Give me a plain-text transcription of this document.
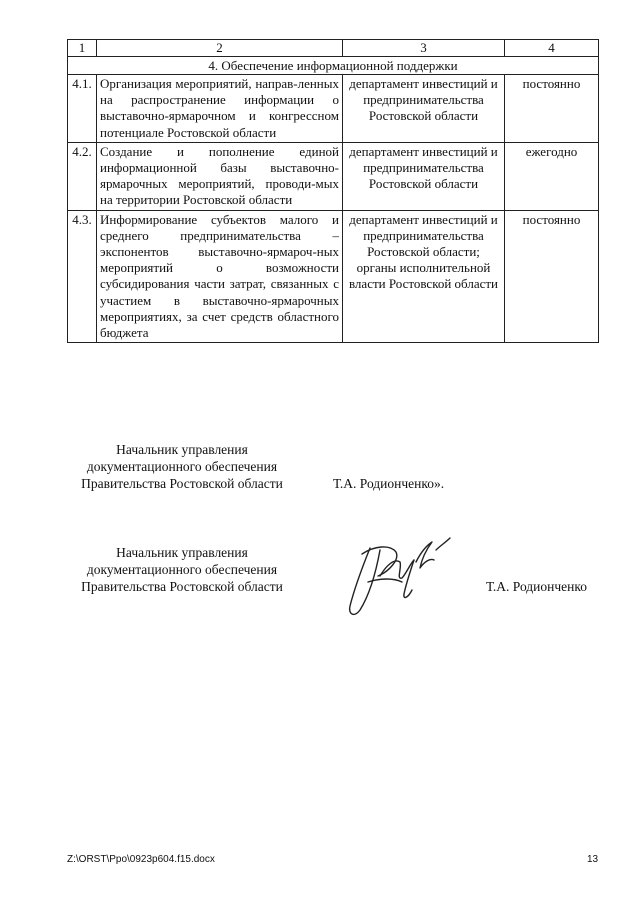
1	2	3	4
4. Обеспечение информационной поддержки			
4.1.	Организация мероприятий, направ-ленных на распространение информации о выставочно-ярмарочном и конгрессном потенциале Ростовской области	департамент инвестиций и предпринимательства Ростовской области	постоянно
4.2.	Создание и пополнение единой информационной базы выставочно-ярмарочных мероприятий, проводи-мых на территории Ростовской области	департамент инвестиций и предпринимательства Ростовской области	ежегодно
4.3.	Информирование субъектов малого и среднего предпринимательства – экспонентов выставочно-ярмароч-ных мероприятий о возможности субсидирования части затрат, связанных с участием в выставочно-ярмарочных мероприятиях, за счет средств областного бюджета	департамент инвестиций и предпринимательства Ростовской области; органы исполнительной власти Ростовской области	постоянно
Начальник управления
документационного обеспечения
Правительства Ростовской области	Т.А. Родионченко».
Начальник управления
документационного обеспечения
Правительства Ростовской области	Т.А. Родионченко
Z:\ORST\Ppo\0923p604.f15.docx	13
